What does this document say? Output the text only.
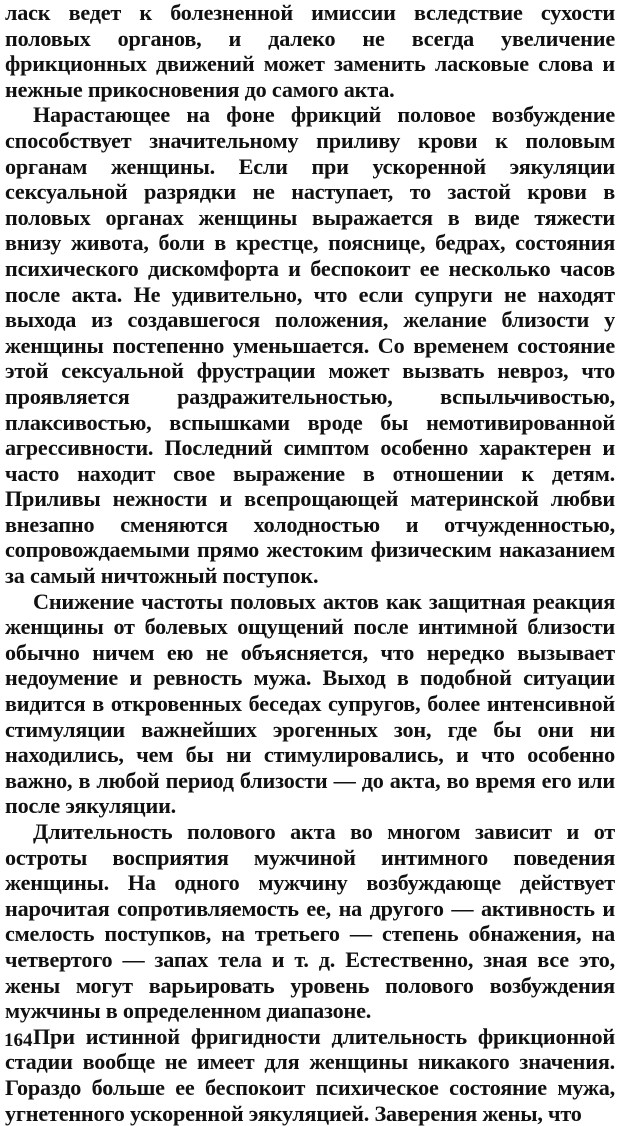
ласк ведет к болезненной имиссии вследствие сухости половых органов, и далеко не всегда увеличение фрикционных движений может заменить ласковые слова и нежные прикосновения до самого акта.

Нарастающее на фоне фрикций половое возбуждение способствует значительному приливу крови к половым органам женщины. Если при ускоренной эякуляции сексуальной разрядки не наступает, то застой крови в половых органах женщины выражается в виде тяжести внизу живота, боли в крестце, пояснице, бедрах, состояния психического дискомфорта и беспокоит ее несколько часов после акта. Не удивительно, что если супруги не находят выхода из создавшегося положения, желание близости у женщины постепенно уменьшается. Со временем состояние этой сексуальной фрустрации может вызвать невроз, что проявляется раздражительностью, вспыльчивостью, плаксивостью, вспышками вроде бы немотивированной агрессивности. Последний симптом особенно характерен и часто находит свое выражение в отношении к детям. Приливы нежности и всепрощающей материнской любви внезапно сменяются холодностью и отчужденностью, сопровождаемыми прямо жестоким физическим наказанием за самый ничтожный поступок.

Снижение частоты половых актов как защитная реакция женщины от болевых ощущений после интимной близости обычно ничем ею не объясняется, что нередко вызывает недоумение и ревность мужа. Выход в подобной ситуации видится в откровенных беседах супругов, более интенсивной стимуляции важнейших эрогенных зон, где бы они ни находились, чем бы ни стимулировались, и что особенно важно, в любой период близости — до акта, во время его или после эякуляции.

Длительность полового акта во многом зависит и от остроты восприятия мужчиной интимного поведения женщины. На одного мужчину возбуждающе действует нарочитая сопротивляемость ее, на другого — активность и смелость поступков, на третьего — степень обнажения, на четвертого — запах тела и т. д. Естественно, зная все это, жены могут варьировать уровень полового возбуждения мужчины в определенном диапазоне.

При истинной фригидности длительность фрикционной стадии вообще не имеет для женщины никакого значения. Гораздо больше ее беспокоит психическое состояние мужа, угнетенного ускоренной эякуляцией. Заверения жены, что

164
